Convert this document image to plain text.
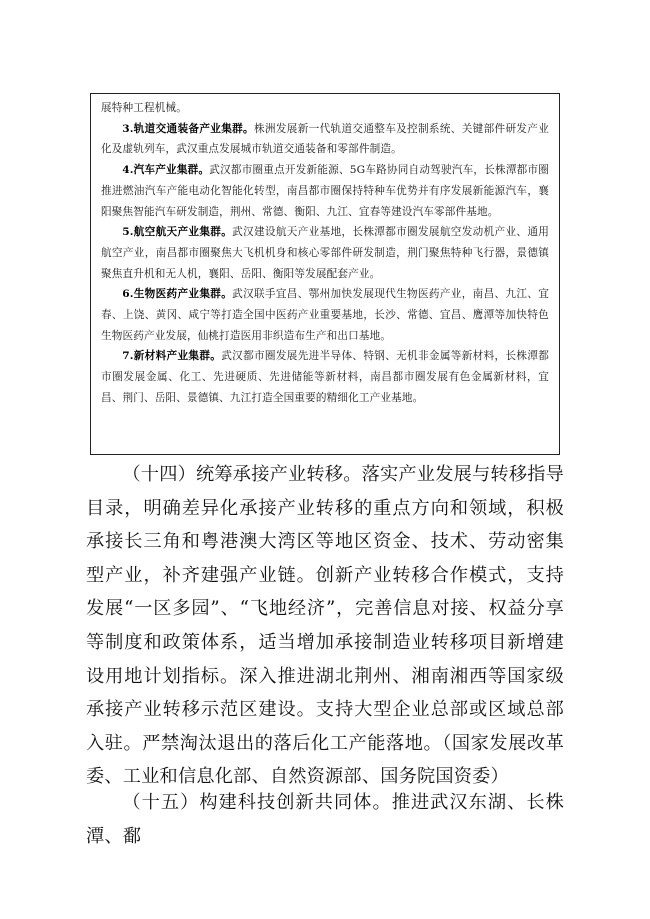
展特种工程机械。

3.轨道交通装备产业集群。株洲发展新一代轨道交通整车及控制系统、关键部件研发产业化及虚轨列车，武汉重点发展城市轨道交通装备和零部件制造。

4.汽车产业集群。武汉都市圈重点开发新能源、5G车路协同自动驾驶汽车，长株潭都市圈推进燃油汽车产能电动化智能化转型，南昌都市圈保持特种车优势并有序发展新能源汽车，襄阳聚焦智能汽车研发制造，荆州、常德、衡阳、九江、宜春等建设汽车零部件基地。

5.航空航天产业集群。武汉建设航天产业基地，长株潭都市圈发展航空发动机产业、通用航空产业，南昌都市圈聚焦大飞机机身和核心零部件研发制造，荆门聚焦特种飞行器，景德镇聚焦直升机和无人机，襄阳、岳阳、衡阳等发展配套产业。

6.生物医药产业集群。武汉联手宜昌、鄂州加快发展现代生物医药产业，南昌、九江、宜春、上饶、黄冈、咸宁等打造全国中医药产业重要基地，长沙、常德、宜昌、鹰潭等加快特色生物医药产业发展，仙桃打造医用非织造布生产和出口基地。

7.新材料产业集群。武汉都市圈发展先进半导体、特钢、无机非金属等新材料，长株潭都市圈发展金属、化工、先进硬质、先进储能等新材料，南昌都市圈发展有色金属新材料，宜昌、荆门、岳阳、景德镇、九江打造全国重要的精细化工产业基地。

（十四）统筹承接产业转移。落实产业发展与转移指导目录，明确差异化承接产业转移的重点方向和领域，积极承接长三角和粤港澳大湾区等地区资金、技术、劳动密集型产业，补齐建强产业链。创新产业转移合作模式，支持发展“一区多园”、“飞地经济”，完善信息对接、权益分享等制度和政策体系，适当增加承接制造业转移项目新增建设用地计划指标。深入推进湖北荆州、湘南湘西等国家级承接产业转移示范区建设。支持大型企业总部或区域总部入驻。严禁淘汰退出的落后化工产能落地。（国家发展改革委、工业和信息化部、自然资源部、国务院国资委）

（十五）构建科技创新共同体。推进武汉东湖、长株潭、鄱
